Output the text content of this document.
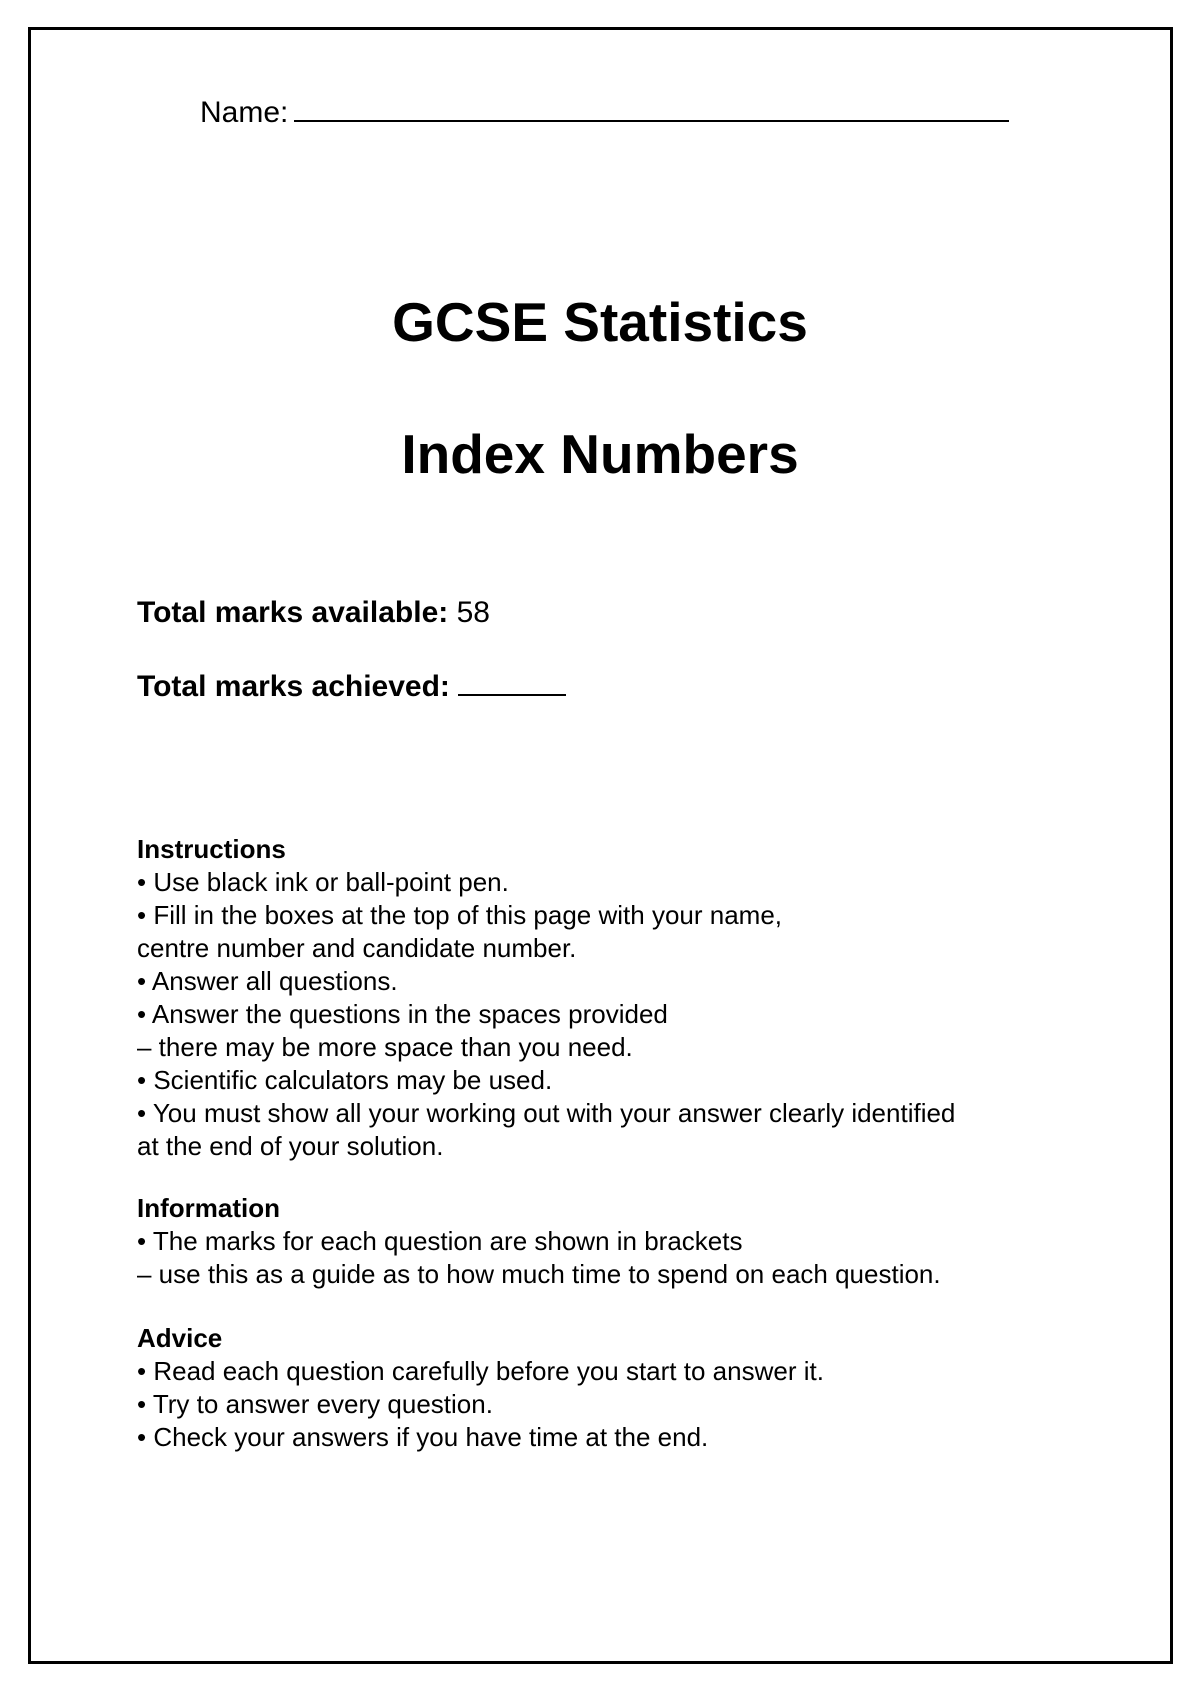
Name:
GCSE Statistics
Index Numbers
Total marks available: 58
Total marks achieved:
Instructions
• Use black ink or ball-point pen.
• Fill in the boxes at the top of this page with your name,
centre number and candidate number.
• Answer all questions.
• Answer the questions in the spaces provided
– there may be more space than you need.
• Scientific calculators may be used.
• You must show all your working out with your answer clearly identified
at the end of your solution.
Information
• The marks for each question are shown in brackets
– use this as a guide as to how much time to spend on each question.
Advice
• Read each question carefully before you start to answer it.
• Try to answer every question.
• Check your answers if you have time at the end.
